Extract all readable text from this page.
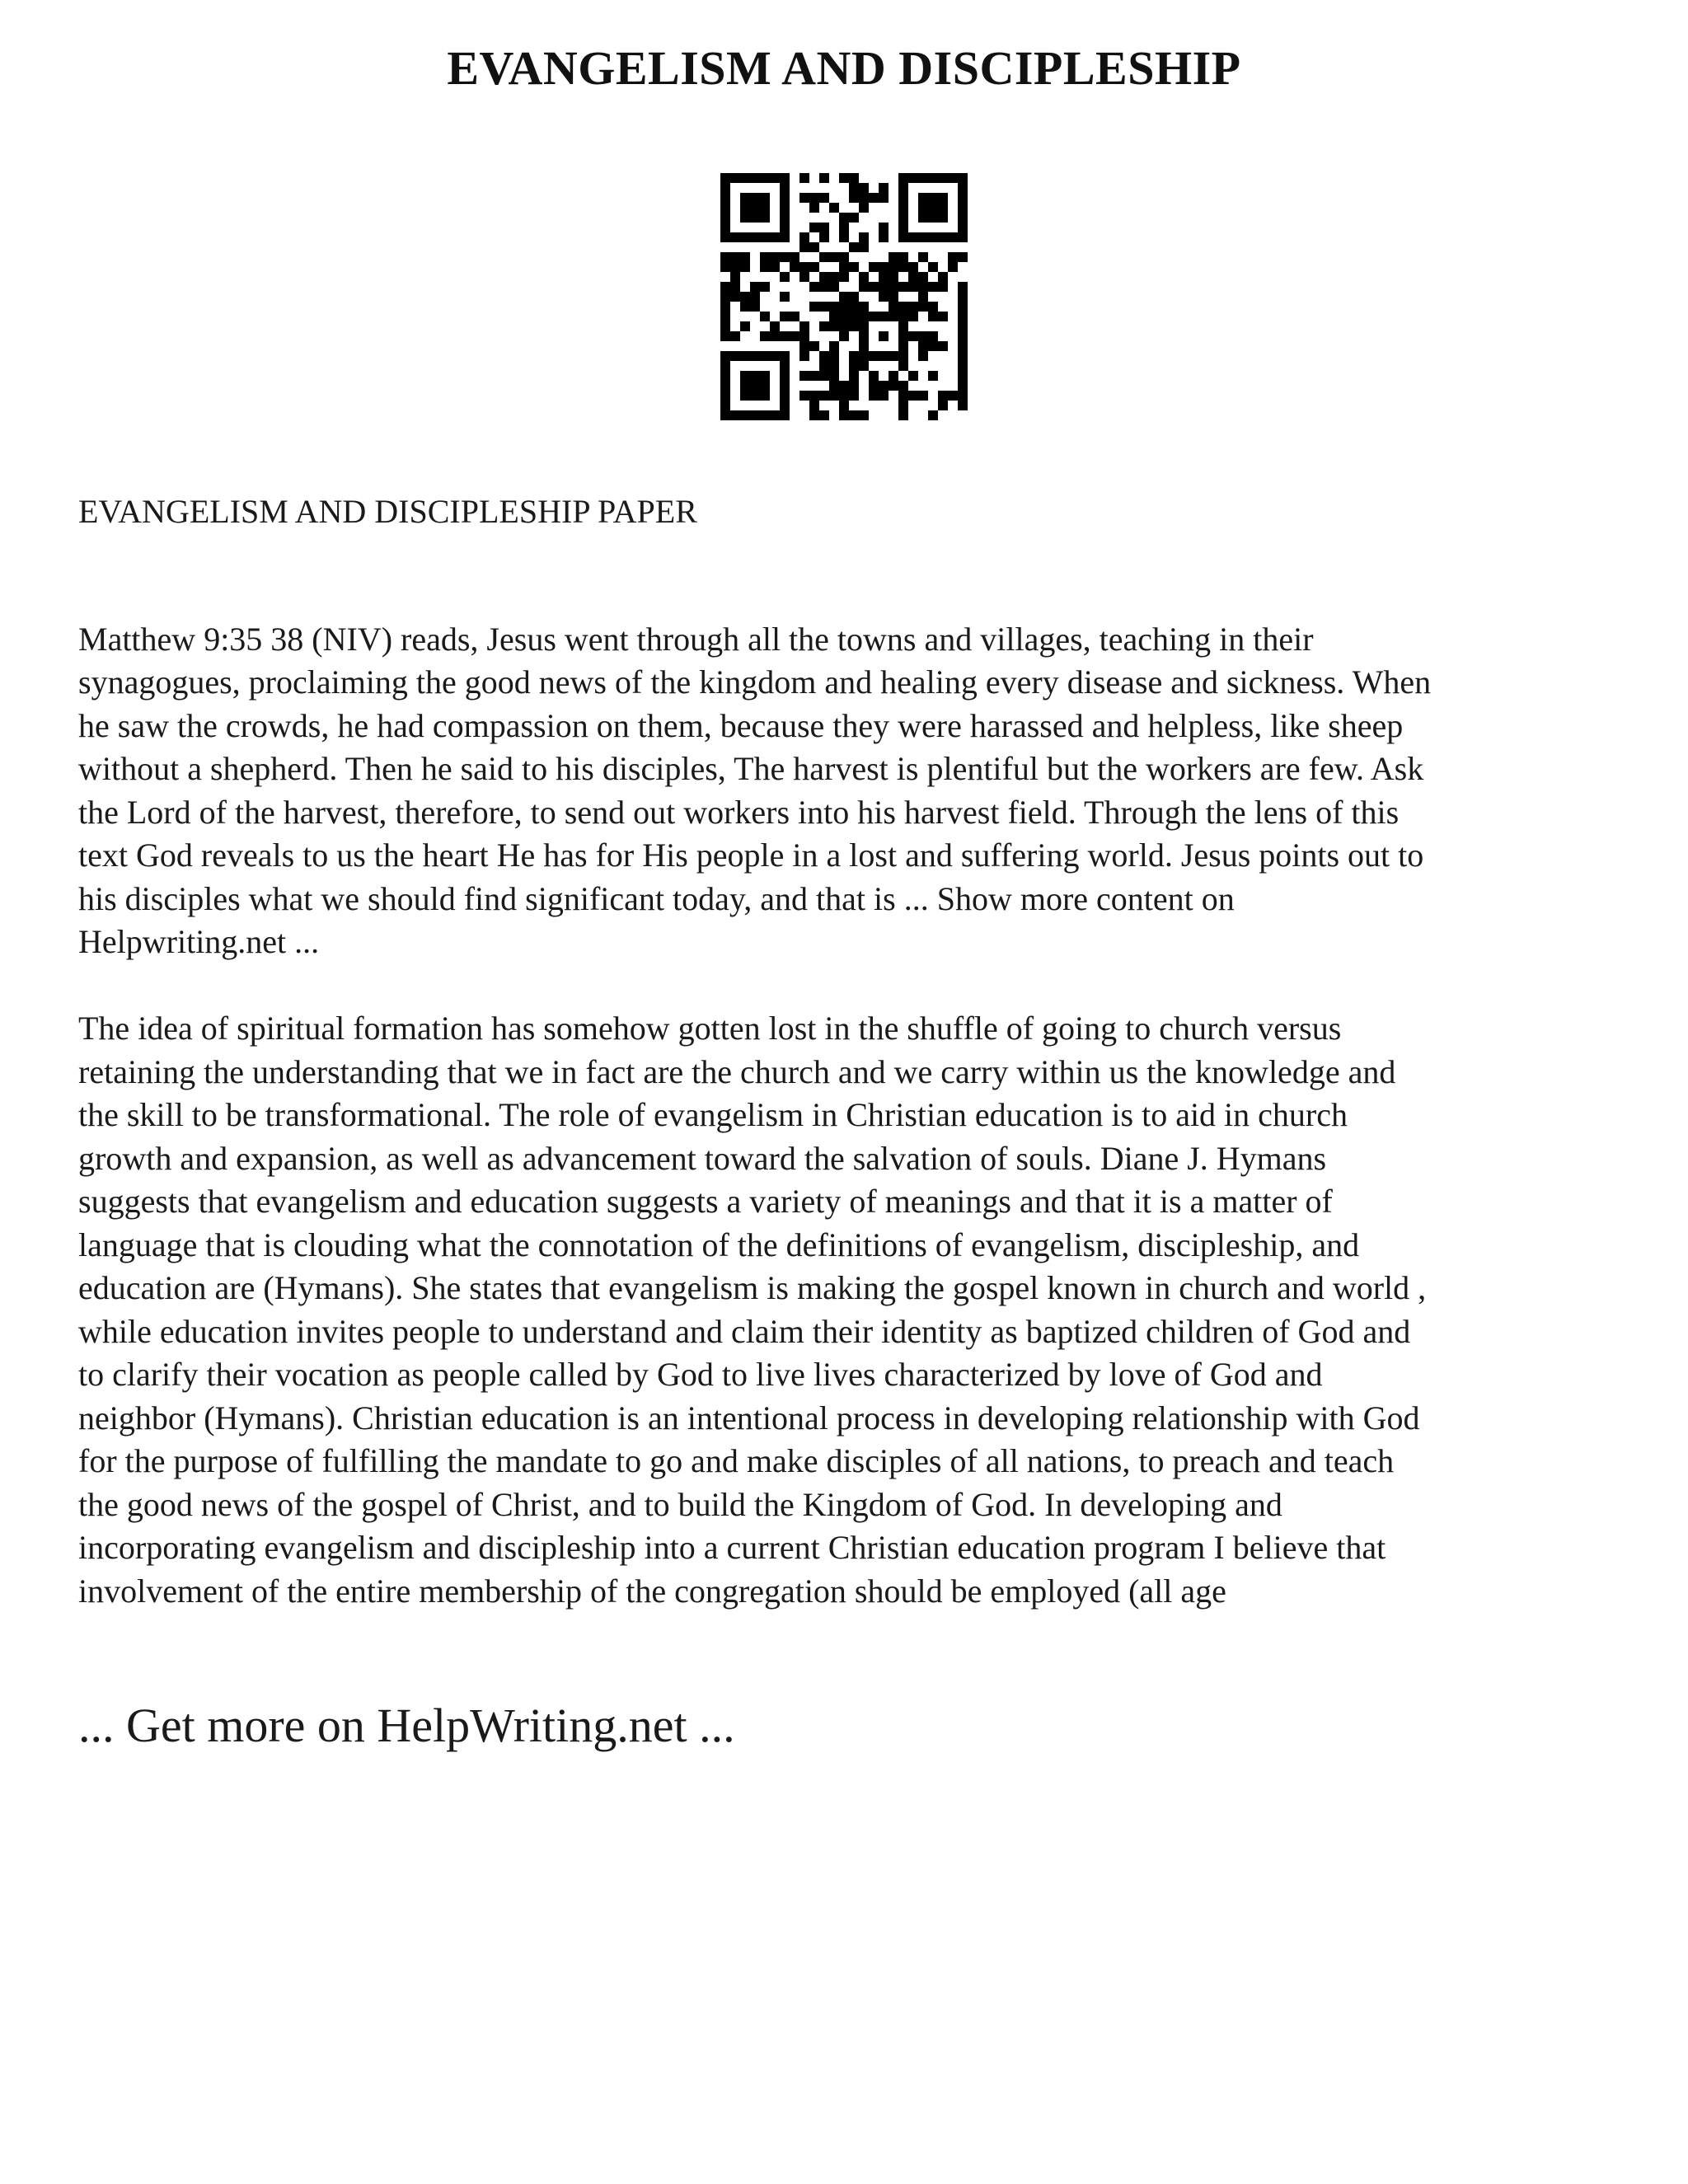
EVANGELISM AND DISCIPLESHIP
EVANGELISM AND DISCIPLESHIP PAPER

Matthew 9:35 38 (NIV) reads, Jesus went through all the towns and villages, teaching in their
synagogues, proclaiming the good news of the kingdom and healing every disease and sickness. When
he saw the crowds, he had compassion on them, because they were harassed and helpless, like sheep
without a shepherd. Then he said to his disciples, The harvest is plentiful but the workers are few. Ask
the Lord of the harvest, therefore, to send out workers into his harvest field. Through the lens of this
text God reveals to us the heart He has for His people in a lost and suffering world. Jesus points out to
his disciples what we should find significant today, and that is ... Show more content on
Helpwriting.net ...

The idea of spiritual formation has somehow gotten lost in the shuffle of going to church versus
retaining the understanding that we in fact are the church and we carry within us the knowledge and
the skill to be transformational. The role of evangelism in Christian education is to aid in church
growth and expansion, as well as advancement toward the salvation of souls. Diane J. Hymans
suggests that evangelism and education suggests a variety of meanings and that it is a matter of
language that is clouding what the connotation of the definitions of evangelism, discipleship, and
education are (Hymans). She states that evangelism is making the gospel known in church and world ,
while education invites people to understand and claim their identity as baptized children of God and
to clarify their vocation as people called by God to live lives characterized by love of God and
neighbor (Hymans). Christian education is an intentional process in developing relationship with God
for the purpose of fulfilling the mandate to go and make disciples of all nations, to preach and teach
the good news of the gospel of Christ, and to build the Kingdom of God. In developing and
incorporating evangelism and discipleship into a current Christian education program I believe that
involvement of the entire membership of the congregation should be employed (all age

... Get more on HelpWriting.net ...
